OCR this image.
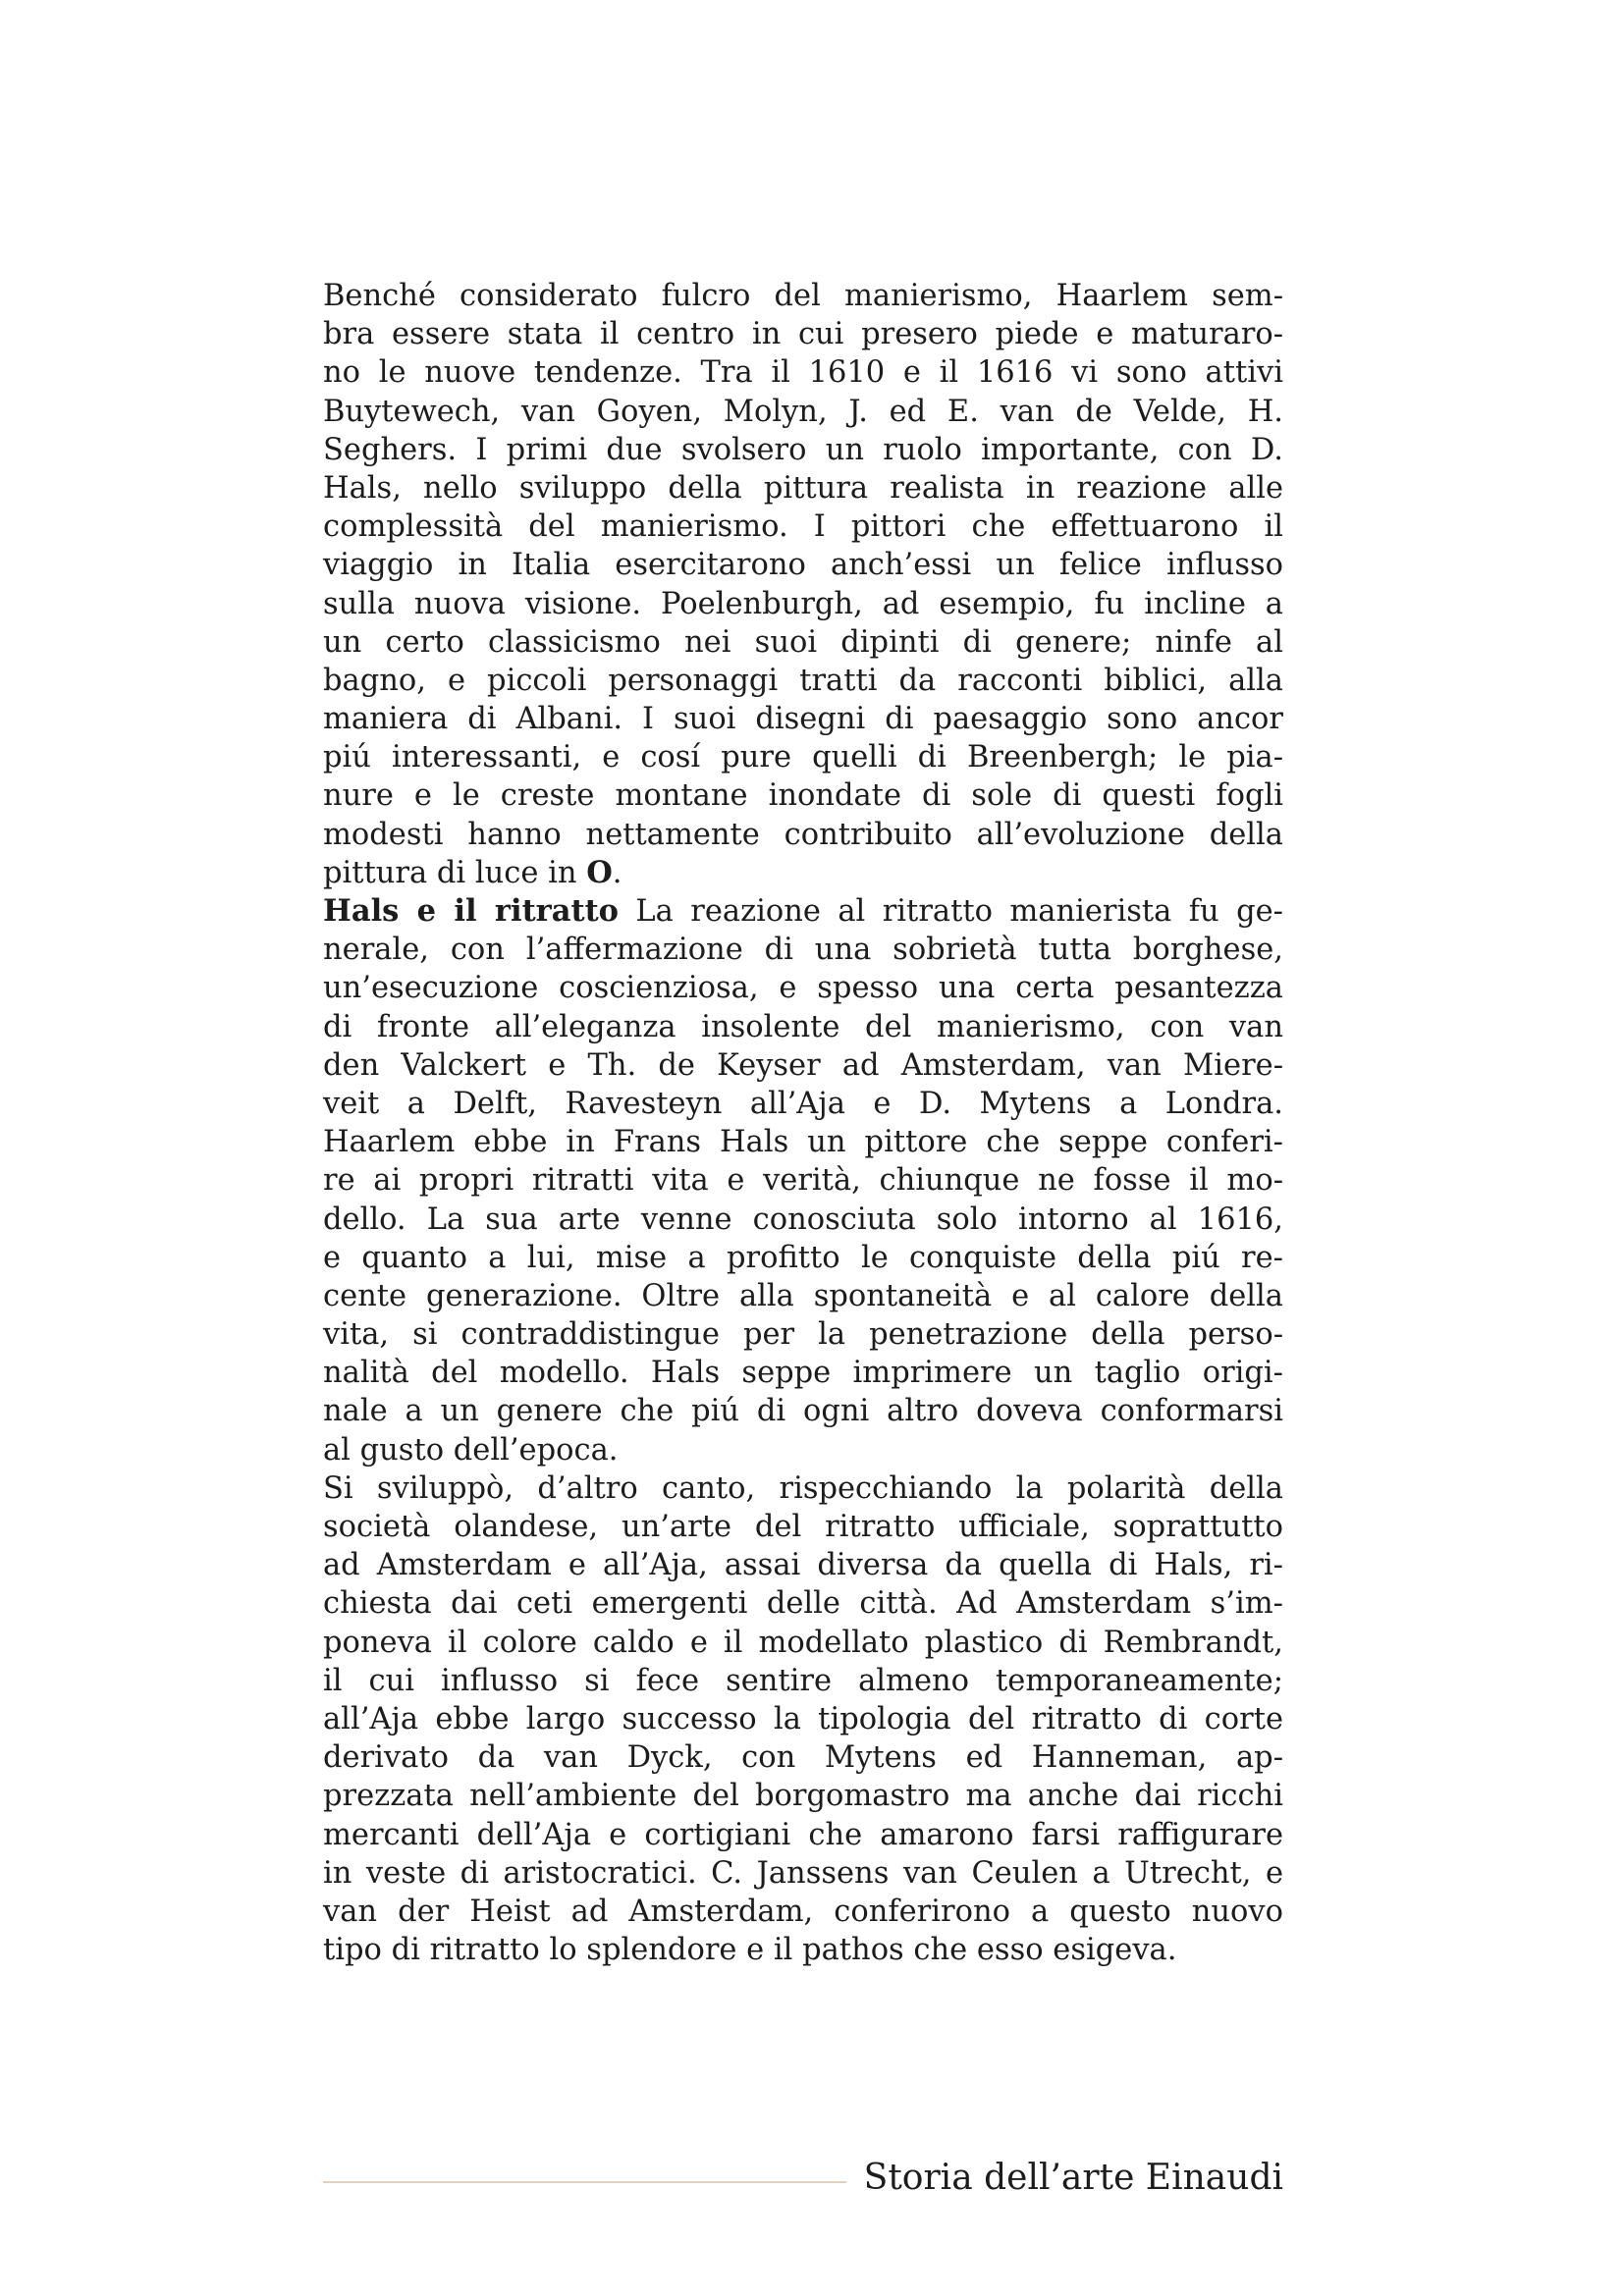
Benché considerato fulcro del manierismo, Haarlem sem-
bra essere stata il centro in cui presero piede e maturaro-
no le nuove tendenze. Tra il 1610 e il 1616 vi sono attivi
Buytewech, van Goyen, Molyn, J. ed E. van de Velde, H.
Seghers. I primi due svolsero un ruolo importante, con D.
Hals, nello sviluppo della pittura realista in reazione alle
complessità del manierismo. I pittori che effettuarono il
viaggio in Italia esercitarono anch’essi un felice influsso
sulla nuova visione. Poelenburgh, ad esempio, fu incline a
un certo classicismo nei suoi dipinti di genere; ninfe al
bagno, e piccoli personaggi tratti da racconti biblici, alla
maniera di Albani. I suoi disegni di paesaggio sono ancor
piú interessanti, e cosí pure quelli di Breenbergh; le pia-
nure e le creste montane inondate di sole di questi fogli
modesti hanno nettamente contribuito all’evoluzione della
pittura di luce in O.
Hals e il ritratto La reazione al ritratto manierista fu ge-
nerale, con l’affermazione di una sobrietà tutta borghese,
un’esecuzione coscienziosa, e spesso una certa pesantezza
di fronte all’eleganza insolente del manierismo, con van
den Valckert e Th. de Keyser ad Amsterdam, van Miere-
veit a Delft, Ravesteyn all’Aja e D. Mytens a Londra.
Haarlem ebbe in Frans Hals un pittore che seppe conferi-
re ai propri ritratti vita e verità, chiunque ne fosse il mo-
dello. La sua arte venne conosciuta solo intorno al 1616,
e quanto a lui, mise a profitto le conquiste della piú re-
cente generazione. Oltre alla spontaneità e al calore della
vita, si contraddistingue per la penetrazione della perso-
nalità del modello. Hals seppe imprimere un taglio origi-
nale a un genere che piú di ogni altro doveva conformarsi
al gusto dell’epoca.
Si sviluppò, d’altro canto, rispecchiando la polarità della
società olandese, un’arte del ritratto ufficiale, soprattutto
ad Amsterdam e all’Aja, assai diversa da quella di Hals, ri-
chiesta dai ceti emergenti delle città. Ad Amsterdam s’im-
poneva il colore caldo e il modellato plastico di Rembrandt,
il cui influsso si fece sentire almeno temporaneamente;
all’Aja ebbe largo successo la tipologia del ritratto di corte
derivato da van Dyck, con Mytens ed Hanneman, ap-
prezzata nell’ambiente del borgomastro ma anche dai ricchi
mercanti dell’Aja e cortigiani che amarono farsi raffigurare
in veste di aristocratici. C. Janssens van Ceulen a Utrecht, e
van der Heist ad Amsterdam, conferirono a questo nuovo
tipo di ritratto lo splendore e il pathos che esso esigeva.
Storia dell’arte Einaudi
